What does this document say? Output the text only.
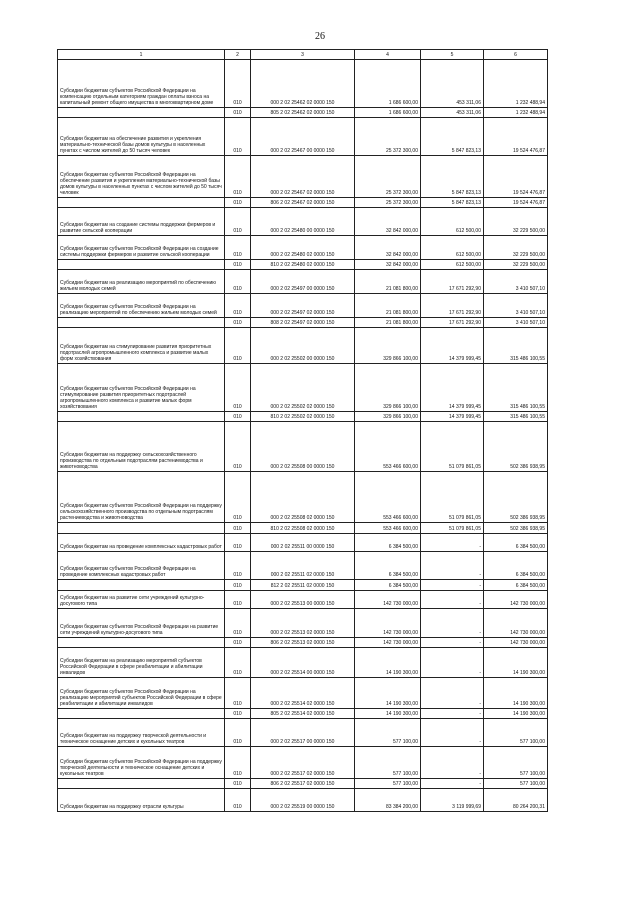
26
1	2	3	4	5	6
Субсидии бюджетам субъектов Российской Федерации на компенсацию отдельным категориям граждан оплаты взноса на капитальный ремонт общего имущества в многоквартирном доме	010	000 2 02 25462 02 0000 150	1 686 600,00	453 311,06	1 232 488,94
	010	805 2 02 25462 02 0000 150	1 686 600,00	453 311,06	1 232 488,94
Субсидии бюджетам на обеспечение развития и укрепления материально-технической базы домов культуры в населенных пунктах с числом жителей до 50 тысяч человек	010	000 2 02 25467 00 0000 150	25 372 300,00	5 847 823,13	19 524 476,87
Субсидии бюджетам субъектов Российской Федерации на обеспечение развития и укрепления материально-технической базы домов культуры в населенных пунктах с числом жителей до 50 тысяч человек	010	000 2 02 25467 02 0000 150	25 372 300,00	5 847 823,13	19 524 476,87
	010	806 2 02 25467 02 0000 150	25 372 300,00	5 847 823,13	19 524 476,87
Субсидии бюджетам на создание системы поддержки фермеров и развитие сельской кооперации	010	000 2 02 25480 00 0000 150	32 842 000,00	612 500,00	32 229 500,00
Субсидии бюджетам субъектов Российской Федерации на создание системы поддержки фермеров и развитие сельской кооперации	010	000 2 02 25480 02 0000 150	32 842 000,00	612 500,00	32 229 500,00
	010	810 2 02 25480 02 0000 150	32 842 000,00	612 500,00	32 229 500,00
Субсидии бюджетам на реализацию мероприятий по обеспечению жильем молодых семей	010	000 2 02 25497 00 0000 150	21 081 800,00	17 671 292,90	3 410 507,10
Субсидии бюджетам субъектов Российской Федерации на реализацию мероприятий по обеспечению жильем молодых семей	010	000 2 02 25497 02 0000 150	21 081 800,00	17 671 292,90	3 410 507,10
	010	808 2 02 25497 02 0000 150	21 081 800,00	17 671 292,90	3 410 507,10
Субсидии бюджетам на стимулирование развития приоритетных подотраслей агропромышленного комплекса и развитие малых форм хозяйствования	010	000 2 02 25502 00 0000 150	329 866 100,00	14 379 999,45	315 486 100,55
Субсидии бюджетам субъектов Российской Федерации на стимулирование развития приоритетных подотраслей агропромышленного комплекса и развитие малых форм хозяйствования	010	000 2 02 25502 02 0000 150	329 866 100,00	14 379 999,45	315 486 100,55
	010	810 2 02 25502 02 0000 150	329 866 100,00	14 379 999,45	315 486 100,55
Субсидии бюджетам на поддержку сельскохозяйственного производства по отдельным подотраслям растениеводства и животноводства	010	000 2 02 25508 00 0000 150	553 466 600,00	51 079 861,05	502 386 938,95
Субсидии бюджетам субъектов Российской Федерации на поддержку сельскохозяйственного производства по отдельным подотраслям растениеводства и животноводства	010	000 2 02 25508 02 0000 150	553 466 600,00	51 079 861,05	502 386 938,95
	010	810 2 02 25508 02 0000 150	553 466 600,00	51 079 861,05	502 386 938,95
Субсидии бюджетам на проведение комплексных кадастровых работ	010	000 2 02 25511 00 0000 150	6 384 500,00	-	6 384 500,00
Субсидии бюджетам субъектов Российской Федерации на проведение комплексных кадастровых работ	010	000 2 02 25511 02 0000 150	6 384 500,00	-	6 384 500,00
	010	812 2 02 25511 02 0000 150	6 384 500,00	-	6 384 500,00
Субсидии бюджетам на развитие сети учреждений культурно-досугового типа	010	000 2 02 25513 00 0000 150	142 730 000,00	-	142 730 000,00
Субсидии бюджетам субъектов Российской Федерации на развитие сети учреждений культурно-досугового типа	010	000 2 02 25513 02 0000 150	142 730 000,00	-	142 730 000,00
	010	806 2 02 25513 02 0000 150	142 730 000,00	-	142 730 000,00
Субсидии бюджетам на реализацию мероприятий субъектов Российской Федерации в сфере реабилитации и абилитации инвалидов	010	000 2 02 25514 00 0000 150	14 190 300,00	-	14 190 300,00
Субсидии бюджетам субъектов Российской Федерации на реализацию мероприятий субъектов Российской Федерации в сфере реабилитации и абилитации инвалидов	010	000 2 02 25514 02 0000 150	14 190 300,00	-	14 190 300,00
	010	805 2 02 25514 02 0000 150	14 190 300,00	-	14 190 300,00
Субсидии бюджетам на поддержку творческой деятельности и техническое оснащение детских и кукольных театров	010	000 2 02 25517 00 0000 150	577 100,00	-	577 100,00
Субсидии бюджетам субъектов Российской Федерации на поддержку творческой деятельности и техническое оснащение детских и кукольных театров	010	000 2 02 25517 02 0000 150	577 100,00	-	577 100,00
	010	806 2 02 25517 02 0000 150	577 100,00	-	577 100,00
Субсидии бюджетам на поддержку отрасли культуры	010	000 2 02 25519 00 0000 150	83 384 200,00	3 119 999,69	80 264 200,31
